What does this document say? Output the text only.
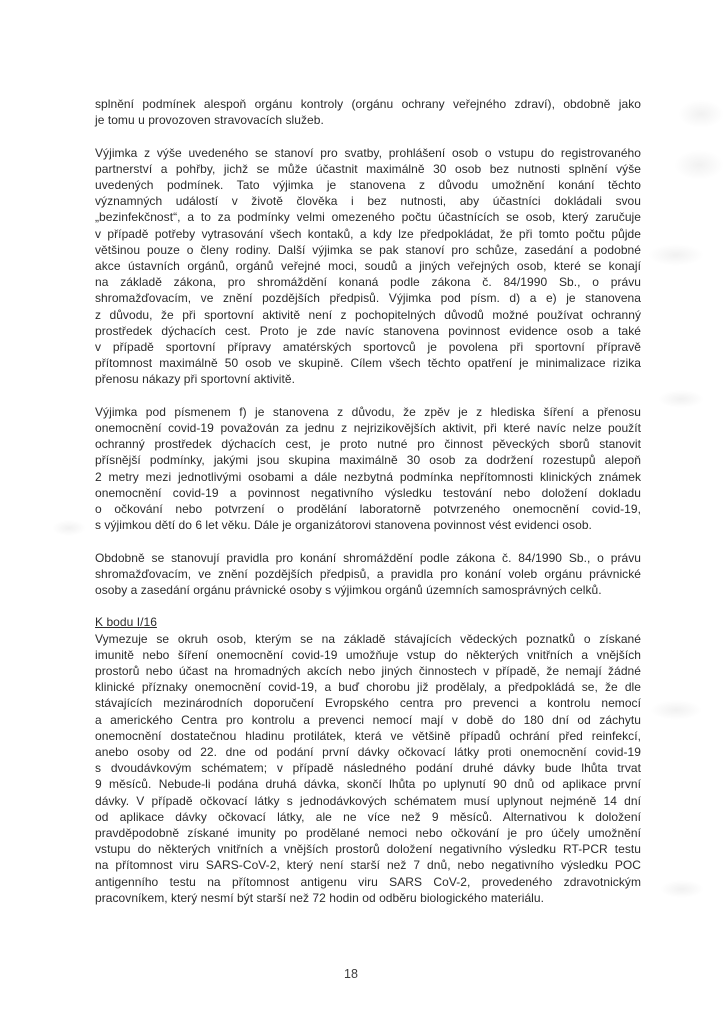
splnění podmínek alespoň orgánu kontroly (orgánu ochrany veřejného zdraví), obdobně jako
je tomu u provozoven stravovacích služeb.

Výjimka z výše uvedeného se stanoví pro svatby, prohlášení osob o vstupu do registrovaného
partnerství a pohřby, jichž se může účastnit maximálně 30 osob bez nutnosti splnění výše
uvedených podmínek. Tato výjimka je stanovena z důvodu umožnění konání těchto
významných událostí v životě člověka i bez nutnosti, aby účastníci dokládali svou
„bezinfekčnost“, a to za podmínky velmi omezeného počtu účastnících se osob, který zaručuje
v případě potřeby vytrasování všech kontaků, a kdy lze předpokládat, že při tomto počtu půjde
většinou pouze o členy rodiny. Další výjimka se pak stanoví pro schůze, zasedání a podobné
akce ústavních orgánů, orgánů veřejné moci, soudů a jiných veřejných osob, které se konají
na základě zákona, pro shromáždění konaná podle zákona č. 84/1990 Sb., o právu
shromažďovacím, ve znění pozdějších předpisů. Výjimka pod písm. d) a e) je stanovena
z důvodu, že při sportovní aktivitě není z pochopitelných důvodů možné používat ochranný
prostředek dýchacích cest. Proto je zde navíc stanovena povinnost evidence osob a také
v případě sportovní přípravy amatérských sportovců je povolena při sportovní přípravě
přítomnost maximálně 50 osob ve skupině. Cílem všech těchto opatření je minimalizace rizika
přenosu nákazy při sportovní aktivitě.

Výjimka pod písmenem f) je stanovena z důvodu, že zpěv je z hlediska šíření a přenosu
onemocnění covid-19 považován za jednu z nejrizikovějších aktivit, při které navíc nelze použít
ochranný prostředek dýchacích cest, je proto nutné pro činnost pěveckých sborů stanovit
přísnější podmínky, jakými jsou skupina maximálně 30 osob za dodržení rozestupů alepoň
2 metry mezi jednotlivými osobami a dále nezbytná podmínka nepřítomnosti klinických známek
onemocnění covid-19 a povinnost negativního výsledku testování nebo doložení dokladu
o očkování nebo potvrzení o prodělání laboratorně potvrzeného onemocnění covid-19,
s výjimkou dětí do 6 let věku. Dále je organizátorovi stanovena povinnost vést evidenci osob.

Obdobně se stanovují pravidla pro konání shromáždění podle zákona č. 84/1990 Sb., o právu
shromažďovacím, ve znění pozdějších předpisů, a pravidla pro konání voleb orgánu právnické
osoby a zasedání orgánu právnické osoby s výjimkou orgánů územních samosprávných celků.

K bodu I/16

Vymezuje se okruh osob, kterým se na základě stávajících vědeckých poznatků o získané
imunitě nebo šíření onemocnění covid-19 umožňuje vstup do některých vnitřních a vnějších
prostorů nebo účast na hromadných akcích nebo jiných činnostech v případě, že nemají žádné
klinické příznaky onemocnění covid-19, a buď chorobu již prodělaly, a předpokládá se, že dle
stávajících mezinárodních doporučení Evropského centra pro prevenci a kontrolu nemocí
a amerického Centra pro kontrolu a prevenci nemocí mají v době do 180 dní od záchytu
onemocnění dostatečnou hladinu protilátek, která ve většině případů ochrání před reinfekcí,
anebo osoby od 22. dne od podání první dávky očkovací látky proti onemocnění covid-19
s dvoudávkovým schématem; v případě následného podání druhé dávky bude lhůta trvat
9 měsíců. Nebude-li podána druhá dávka, skončí lhůta po uplynutí 90 dnů od aplikace první
dávky. V případě očkovací látky s jednodávkových schématem musí uplynout nejméně 14 dní
od aplikace dávky očkovací látky, ale ne více než 9 měsíců. Alternativou k doložení
pravděpodobně získané imunity po prodělané nemoci nebo očkování je pro účely umožnění
vstupu do některých vnitřních a vnějších prostorů doložení negativního výsledku RT-PCR testu
na přítomnost viru SARS-CoV-2, který není starší než 7 dnů, nebo negativního výsledku POC
antigenního testu na přítomnost antigenu viru SARS CoV-2, provedeného zdravotnickým
pracovníkem, který nesmí být starší než 72 hodin od odběru biologického materiálu.

18
